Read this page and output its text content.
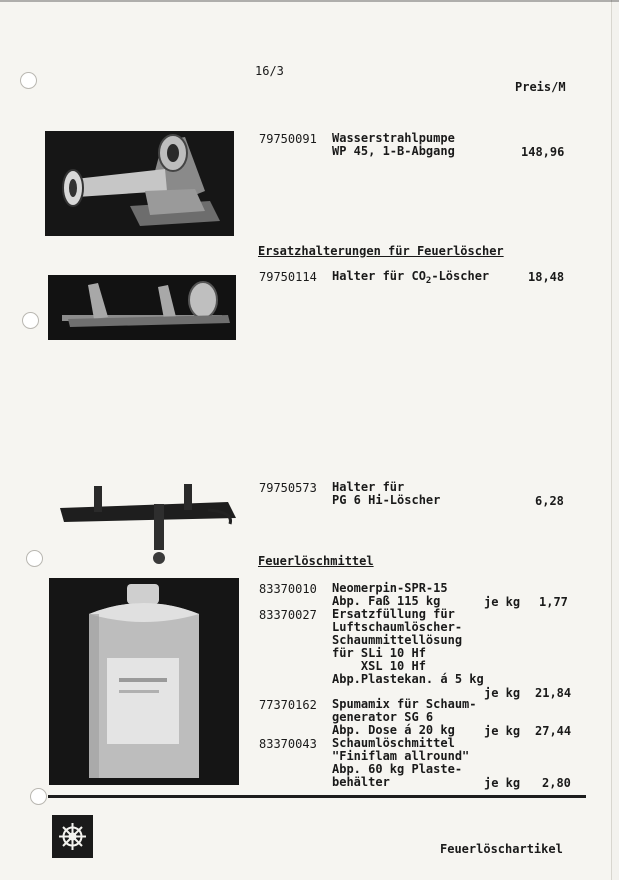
16/3
Preis/M
79750091 Wasserstrahlpumpe
WP 45, 1-B-Abgang	148,96
Ersatzhalterungen für Feuerlöscher
79750114 Halter für $CO_2$-Löscher	18,48
79750573 Halter für
PG 6 Hi-Löscher	6,28
Feuerlöschmittel
83370010 Neomerpin-SPR-15
Abp. Faß 115 kg	je kg 1,77
83370027 Ersatzfüllung für
Luftschaumlöscher-
Schaummittellösung
für SLi 10 Hf
XSL 10 Hf
Abp.Plastekan. á 5 kg
je kg 21,84
77370162 Spumamix für Schaum-
generator SG 6
Abp. Dose á 20 kg je kg 27,44
83370043 Schaumlöschmittel
"Finiflam allround"
Abp. 60 kg Plaste-
behälter	je kg 2,80
Feuerlöschartikel
